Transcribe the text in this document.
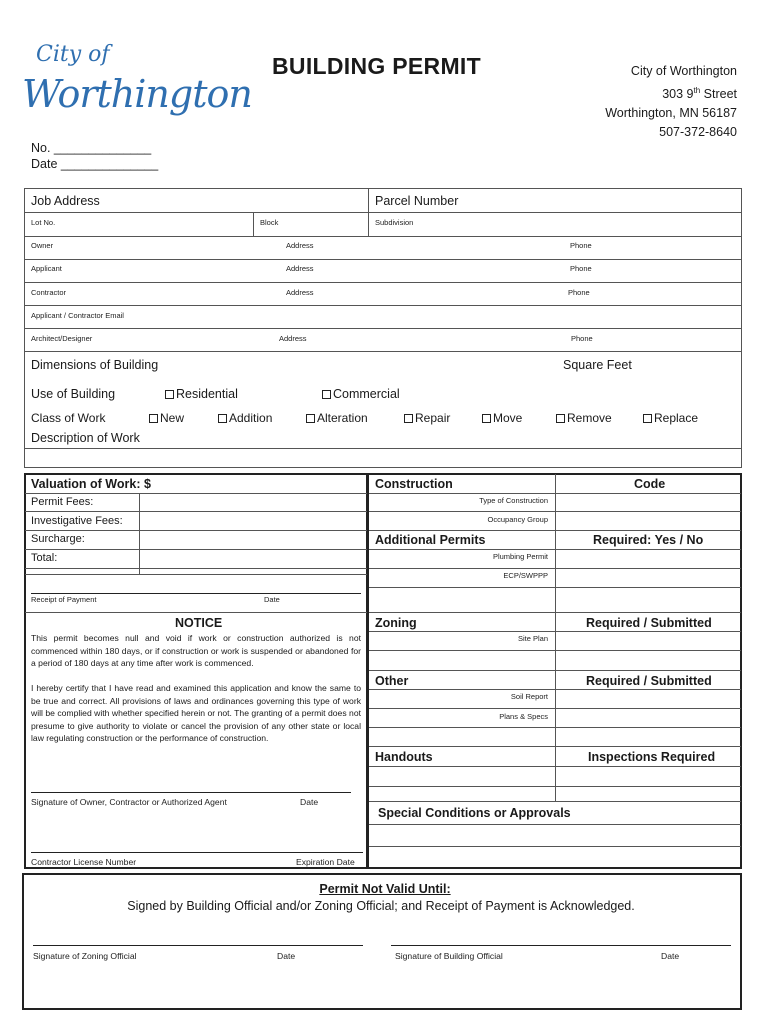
City of
Worthington
BUILDING PERMIT	City of Worthington
303 9th Street
Worthington, MN 56187
507-372-8640
No. ______________
Date ______________
Job Address	Parcel Number
Lot No.	Block	Subdivision
Owner	Address	Phone
Applicant	Address	Phone
Contractor	Address	Phone
Applicant / Contractor Email
Architect/Designer	Address	Phone
Dimensions of Building	Square Feet
Use of Building	Residential	Commercial
Class of Work	New	Addition	Alteration	Repair	Move	Remove	Replace
Description of Work
Valuation of Work: $
Permit Fees:
Investigative Fees:
Surcharge:
Total:
Receipt of Payment	Date
NOTICE
This permit becomes null and void if work or construction authorized is not commenced within 180 days, or if construction or work is suspended or abandoned for a period of 180 days at any time after work is commenced.
I hereby certify that I have read and examined this application and know the same to be true and correct. All provisions of laws and ordinances governing this type of work will be complied with whether specified herein or not. The granting of a permit does not presume to give authority to violate or cancel the provision of any other state or local law regulating construction or the performance of construction.
Signature of Owner, Contractor or Authorized Agent	Date
Contractor License Number	Expiration Date
Construction	Code
Type of Construction
Occupancy Group
Additional Permits	Required: Yes / No
Plumbing Permit
ECP/SWPPP
Zoning	Required / Submitted
Site Plan
Other	Required / Submitted
Soil Report
Plans & Specs
Handouts	Inspections Required
Special Conditions or Approvals
Permit Not Valid Until:
Signed by Building Official and/or Zoning Official; and Receipt of Payment is Acknowledged.
Signature of Zoning Official	Date	Signature of Building Official	Date
